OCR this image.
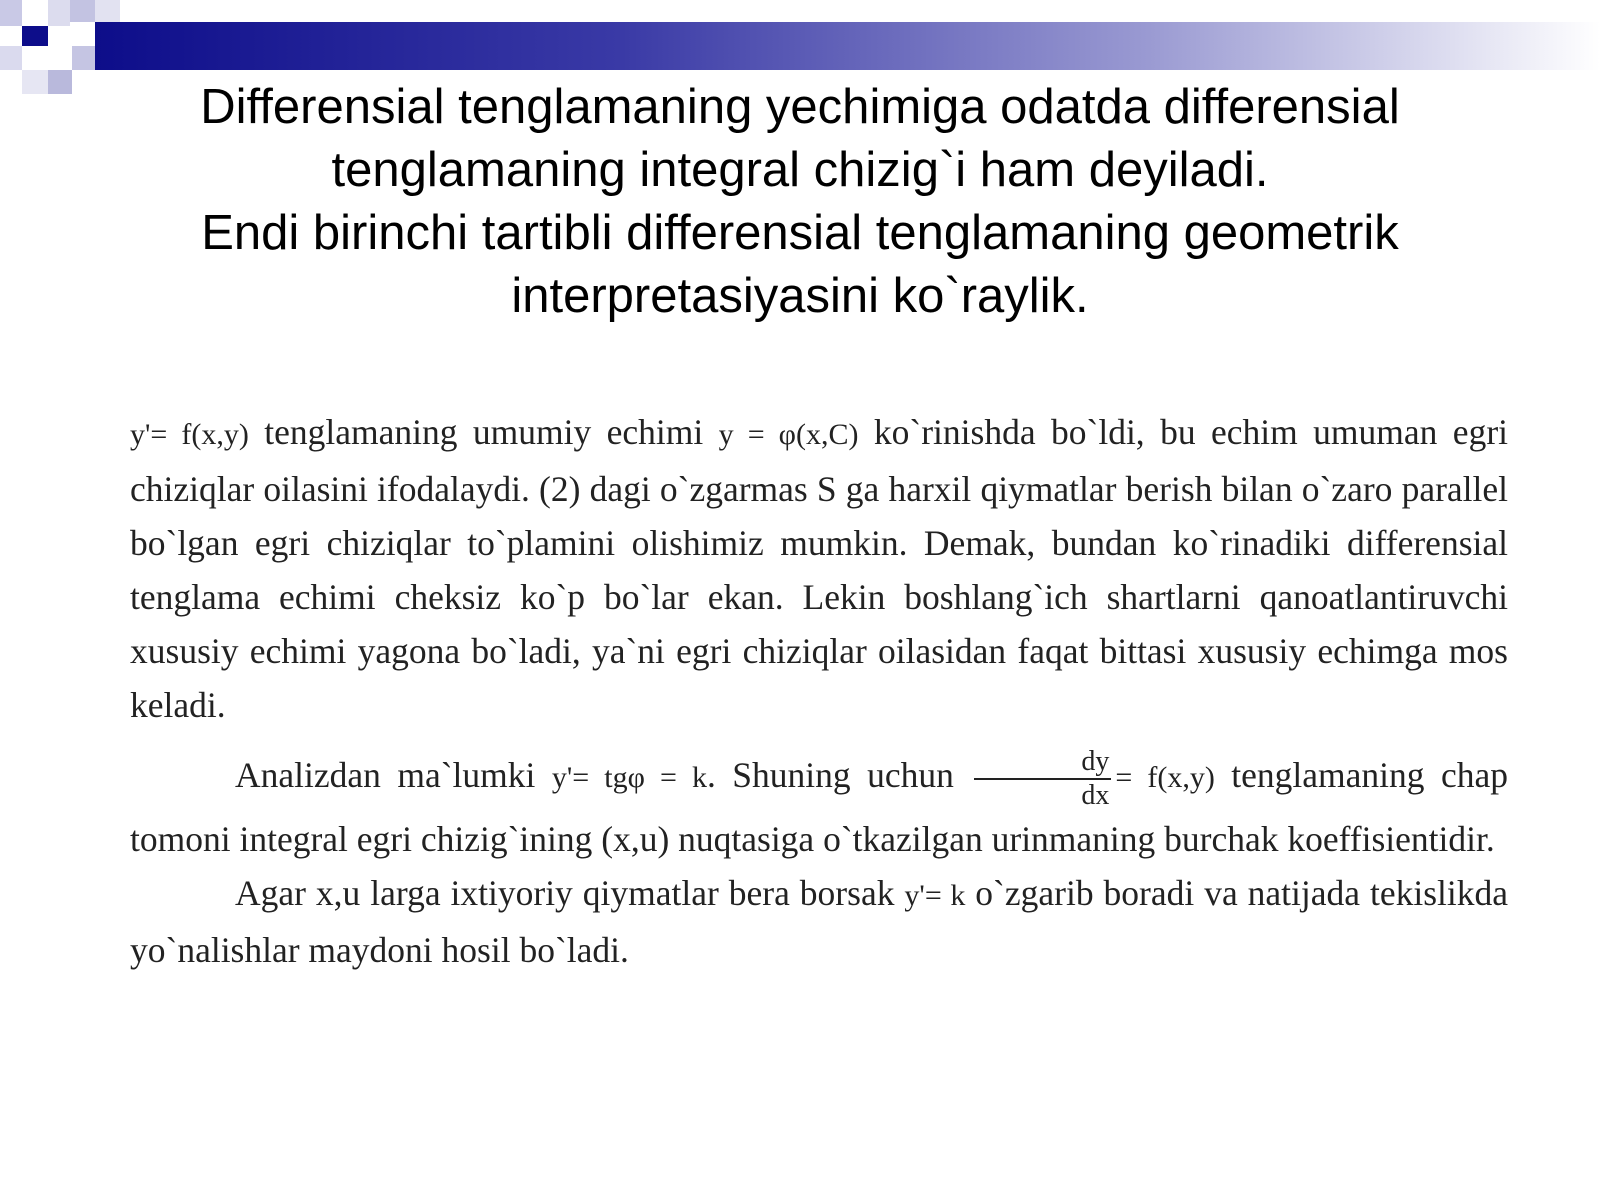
Differensial tenglamaning yechimiga odatda differensial

tenglamaning integral chizig`i ham deyiladi.

Endi birinchi tartibli differensial tenglamaning geometrik

interpretasiyasini ko`raylik.

y'= f(x,y) tenglamaning umumiy echimi y = φ(x,C) ko`rinishda bo`ldi, bu echim umuman egri chiziqlar oilasini ifodalaydi. (2) dagi o`zgarmas S ga harxil qiymatlar berish bilan o`zaro parallel bo`lgan egri chiziqlar to`plamini olishimiz mumkin. Demak, bundan ko`rinadiki differensial tenglama echimi cheksiz ko`p bo`lar ekan. Lekin boshlang`ich shartlarni qanoatlantiruvchi xususiy echimi yagona bo`ladi, ya`ni egri chiziqlar oilasidan faqat bittasi xususiy echimga mos keladi.

Analizdan ma`lumki y'= tgφ = k. Shuning uchun $\frac{dy}{dx} = f(x,y)$ tenglamaning chap tomoni integral egri chizig`ining (x,u) nuqtasiga o`tkazilgan urinmaning burchak koeffisientidir.

Agar x,u larga ixtiyoriy qiymatlar bera borsak y'= k o`zgarib boradi va natijada tekislikda yo`nalishlar maydoni hosil bo`ladi.
